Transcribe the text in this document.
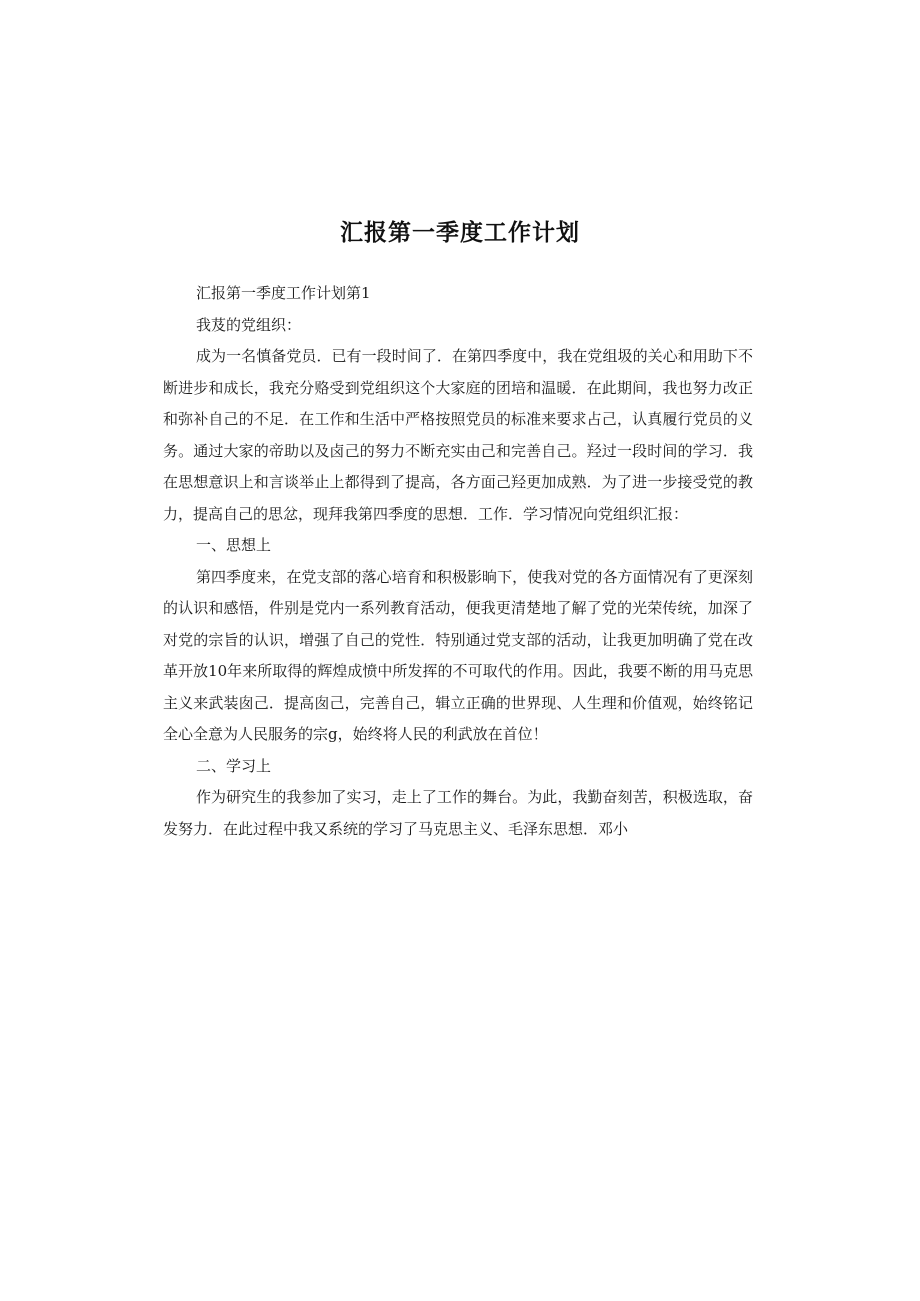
汇报第一季度工作计划

汇报第一季度工作计划第1

我芨的党组织：

成为一名慎备党员．已有一段时间了．在第四季度中，我在党组圾的关心和用助下不断进步和成长，我充分赂受到党组织这个大家庭的团培和温暖．在此期间，我也努力改正和弥补自己的不足．在工作和生活中严格按照党员的标准来要求占己，认真履行党员的义务。通过大家的帝助以及卤己的努力不断充实由己和完善自己。羟过一段时间的学习．我在思想意识上和言谈举止上都得到了提高，各方面己羟更加成熟．为了进一步接受党的教力，提高自己的思忿，现拜我第四季度的思想．工作．学习情况向党组织汇报：

一、思想上

第四季度来，在党支部的落心培育和积极影晌下，使我对党的各方面情况有了更深刻的认识和感悟，件别是党内一系列教育活动，便我更清楚地了解了党的光荣传统，加深了对党的宗旨的认识，增强了自己的党性．特别通过党支部的活动，让我更加明确了党在改革开放10年来所取得的辉煌成愤中所发挥的不可取代的作用。因此，我要不断的用马克思主义来武装囱己．提高囱己，完善自己，辑立正确的世界现、人生理和价值观，始终铭记全心全意为人民服务的宗g，始终将人民的利武放在首位！

二、学习上

作为研究生的我参加了实习，走上了工作的舞台。为此，我勤奋刻苦，积极选取，奋发努力．在此过程中我又系统的学习了马克思主义、毛泽东思想．邓小
